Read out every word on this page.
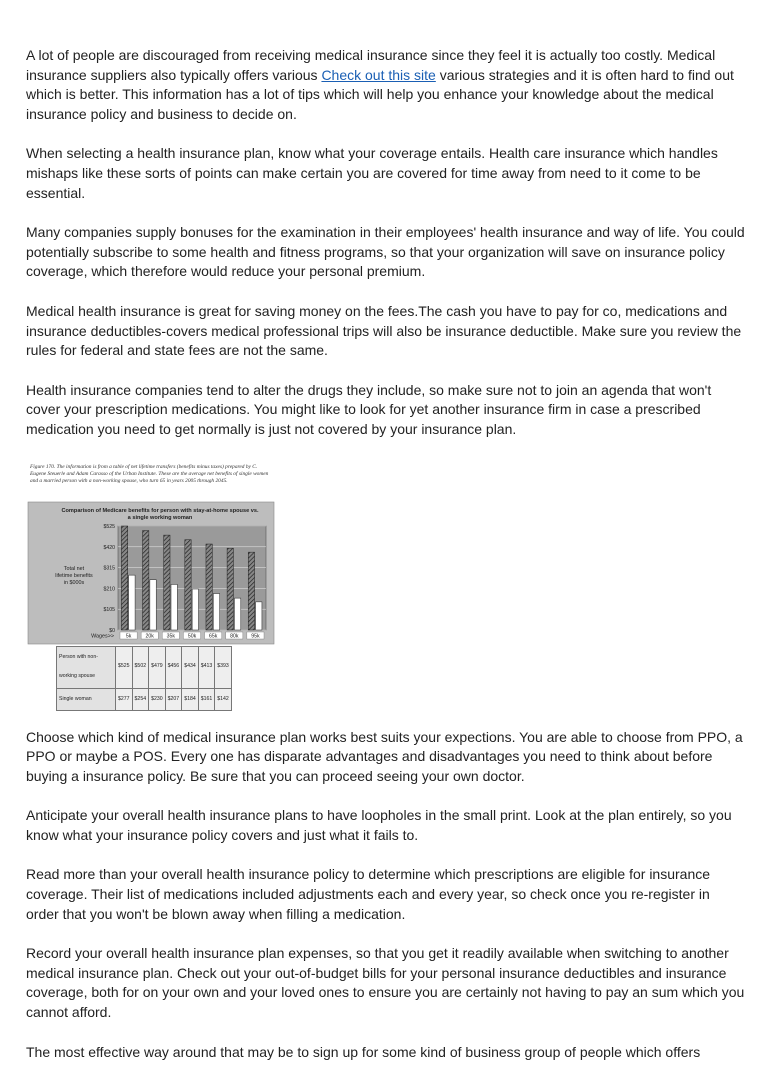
A lot of people are discouraged from receiving medical insurance since they feel it is actually too costly. Medical insurance suppliers also typically offers various Check out this site various strategies and it is often hard to find out which is better. This information has a lot of tips which will help you enhance your knowledge about the medical insurance policy and business to decide on.

When selecting a health insurance plan, know what your coverage entails. Health care insurance which handles mishaps like these sorts of points can make certain you are covered for time away from need to it come to be essential.

Many companies supply bonuses for the examination in their employees' health insurance and way of life. You could potentially subscribe to some health and fitness programs, so that your organization will save on insurance policy coverage, which therefore would reduce your personal premium.

Medical health insurance is great for saving money on the fees.The cash you have to pay for co, medications and insurance deductibles-covers medical professional trips will also be insurance deductible. Make sure you review the rules for federal and state fees are not the same.

Health insurance companies tend to alter the drugs they include, so make sure not to join an agenda that won't cover your prescription medications. You might like to look for yet another insurance firm in case a prescribed medication you need to get normally is just not covered by your insurance plan.

Figure 170. The information is from a table of net lifetime transfers (benefits minus taxes) prepared by C. Eugene Steuerle and Adam Carasso of the Urban Institute. These are the average net benefits of single women and a married person with a non-working spouse, who turn 65 in years 2005 through 2045.
Comparison of Medicare benefits for person with stay-at-home spouse vs.
a single working woman
$0
$105
$210
$315
$420
$525
Total net
lifetime benefits
in $000s
5k	20k 35k 50k 65k 80k 95k
Wages>>
Person with non-working spouse	$525	$502	$479	$456	$434	$413	$393
Single woman	$277	$254	$230	$207	$184	$161	$142

Choose which kind of medical insurance plan works best suits your expections. You are able to choose from PPO, a PPO or maybe a POS. Every one has disparate advantages and disadvantages you need to think about before buying a insurance policy. Be sure that you can proceed seeing your own doctor.

Anticipate your overall health insurance plans to have loopholes in the small print. Look at the plan entirely, so you know what your insurance policy covers and just what it fails to.

Read more than your overall health insurance policy to determine which prescriptions are eligible for insurance coverage. Their list of medications included adjustments each and every year, so check once you re-register in order that you won't be blown away when filling a medication.

Record your overall health insurance plan expenses, so that you get it readily available when switching to another medical insurance plan. Check out your out-of-budget bills for your personal insurance deductibles and insurance coverage, both for on your own and your loved ones to ensure you are certainly not having to pay an sum which you cannot afford.

The most effective way around that may be to sign up for some kind of business group of people which offers
